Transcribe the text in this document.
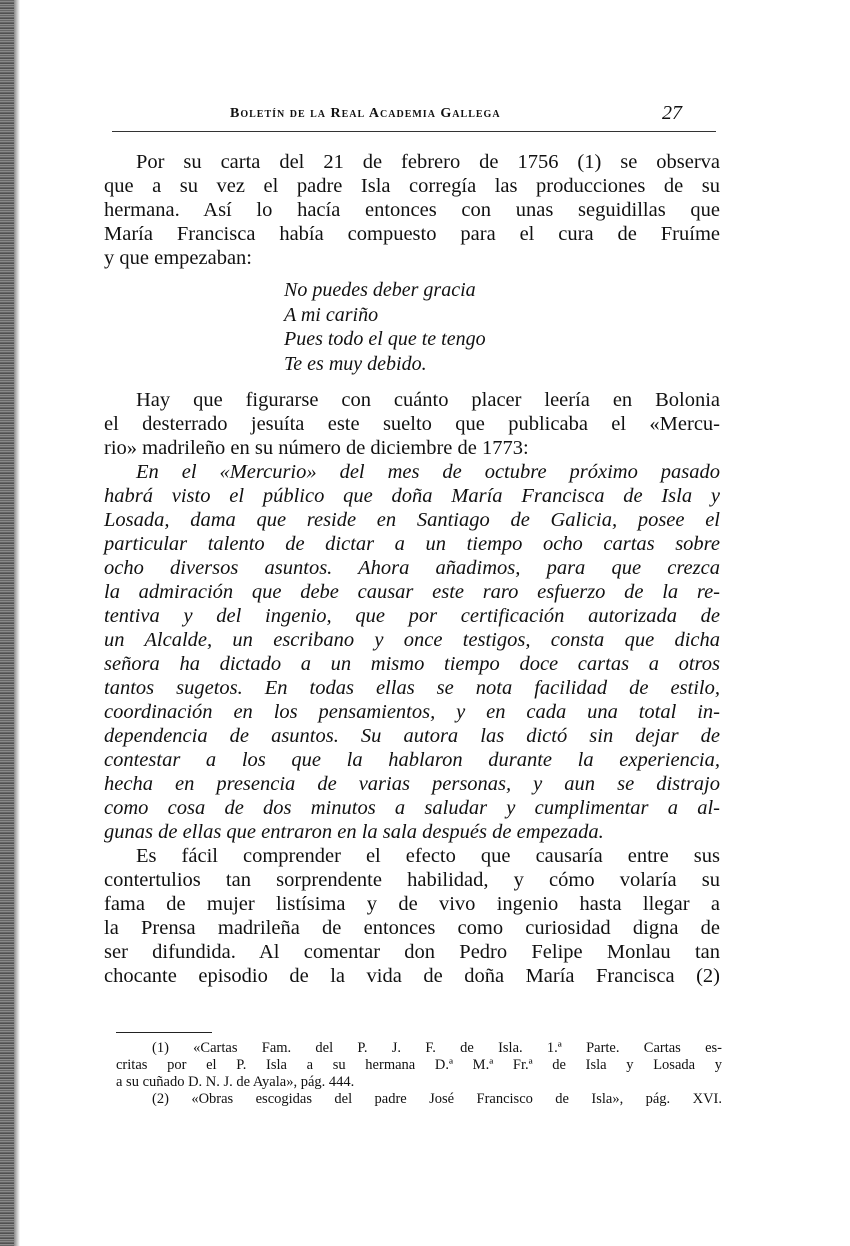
Boletín de la Real Academia Gallega	27
Por su carta del 21 de febrero de 1756 (1) se observa
que a su vez el padre Isla corregía las producciones de su
hermana. Así lo hacía entonces con unas seguidillas que
María Francisca había compuesto para el cura de Fruíme
y que empezaban:
No puedes deber gracia
A mi cariño
Pues todo el que te tengo
Te es muy debido.
Hay que figurarse con cuánto placer leería en Bolonia
el desterrado jesuíta este suelto que publicaba el «Mercu-
rio» madrileño en su número de diciembre de 1773:
En el «Mercurio» del mes de octubre próximo pasado
habrá visto el público que doña María Francisca de Isla y
Losada, dama que reside en Santiago de Galicia, posee el
particular talento de dictar a un tiempo ocho cartas sobre
ocho diversos asuntos. Ahora añadimos, para que crezca
la admiración que debe causar este raro esfuerzo de la re-
tentiva y del ingenio, que por certificación autorizada de
un Alcalde, un escribano y once testigos, consta que dicha
señora ha dictado a un mismo tiempo doce cartas a otros
tantos sugetos. En todas ellas se nota facilidad de estilo,
coordinación en los pensamientos, y en cada una total in-
dependencia de asuntos. Su autora las dictó sin dejar de
contestar a los que la hablaron durante la experiencia,
hecha en presencia de varias personas, y aun se distrajo
como cosa de dos minutos a saludar y cumplimentar a al-
gunas de ellas que entraron en la sala después de empezada.
Es fácil comprender el efecto que causaría entre sus
contertulios tan sorprendente habilidad, y cómo volaría su
fama de mujer listísima y de vivo ingenio hasta llegar a
la Prensa madrileña de entonces como curiosidad digna de
ser difundida. Al comentar don Pedro Felipe Monlau tan
chocante episodio de la vida de doña María Francisca (2)
(1) «Cartas Fam. del P. J. F. de Isla. 1.ª Parte. Cartas es-
critas por el P. Isla a su hermana D.ª M.ª Fr.ª de Isla y Losada y
a su cuñado D. N. J. de Ayala», pág. 444.
(2) «Obras escogidas del padre José Francisco de Isla», pág. XVI.
